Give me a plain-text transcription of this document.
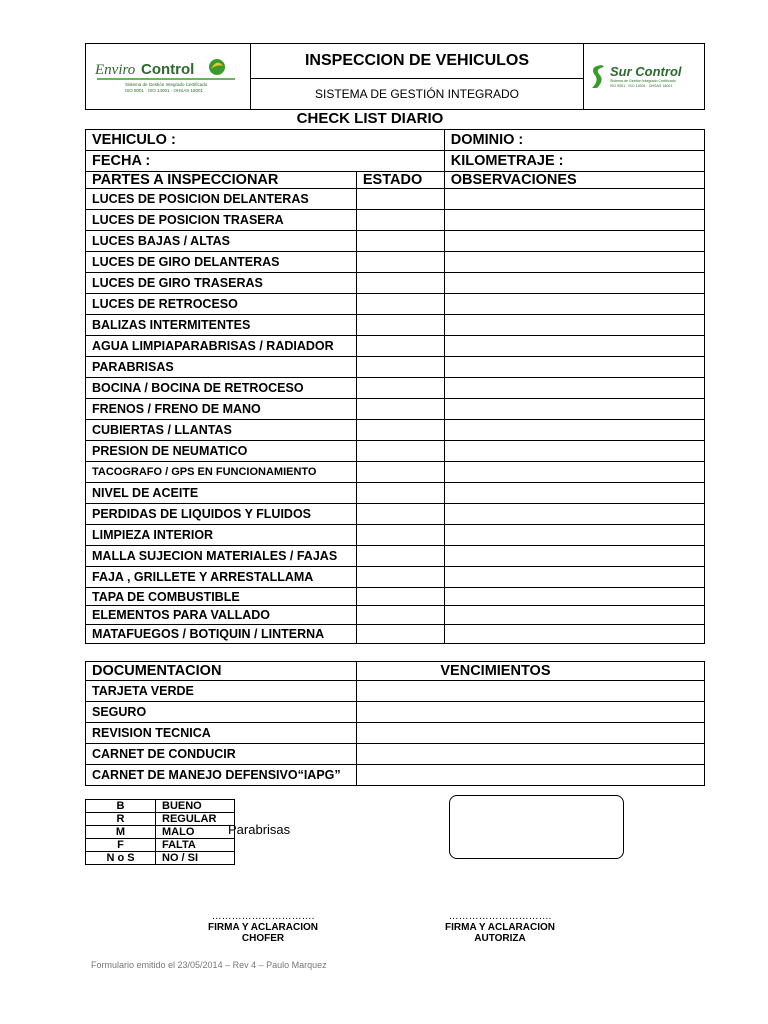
Enviro Control
Sistema de Gestión Integrado Certificado
ISO 9001 · ISO 14001 · OHSAS 18001
INSPECCION DE VEHICULOS
SISTEMA DE GESTIÓN INTEGRADO
Sur Control
Sistema de Gestión Integrado Certificado
ISO 9001 · ISO 14001 · OHSAS 18001
CHECK LIST DIARIO
VEHICULO :		DOMINIO :
FECHA :		KILOMETRAJE :
PARTES A INSPECCIONAR	ESTADO	OBSERVACIONES
LUCES DE POSICION DELANTERAS		
LUCES DE POSICION TRASERA		
LUCES BAJAS / ALTAS		
LUCES DE GIRO DELANTERAS		
LUCES DE GIRO TRASERAS		
LUCES DE RETROCESO		
BALIZAS INTERMITENTES		
AGUA LIMPIAPARABRISAS / RADIADOR		
PARABRISAS		
BOCINA / BOCINA DE RETROCESO		
FRENOS / FRENO DE MANO		
CUBIERTAS / LLANTAS		
PRESION DE NEUMATICO		
TACOGRAFO / GPS EN FUNCIONAMIENTO		
NIVEL DE ACEITE		
PERDIDAS DE LIQUIDOS Y FLUIDOS		
LIMPIEZA INTERIOR		
MALLA SUJECION MATERIALES / FAJAS		
FAJA , GRILLETE Y ARRESTALLAMA		
TAPA DE COMBUSTIBLE		
ELEMENTOS PARA VALLADO		
MATAFUEGOS / BOTIQUIN / LINTERNA		
DOCUMENTACION	VENCIMIENTOS
TARJETA VERDE	
SEGURO	
REVISION TECNICA	
CARNET DE CONDUCIR	
CARNET DE MANEJO DEFENSIVO“IAPG”	
B	BUENO
R	REGULAR
M	MALO
F	FALTA
N o S	NO / SI
Parabrisas
………………………….
FIRMA Y ACLARACION
CHOFER
………………………….
FIRMA Y ACLARACION
AUTORIZA
Formulario emitido el 23/05/2014 – Rev 4 – Paulo Marquez
